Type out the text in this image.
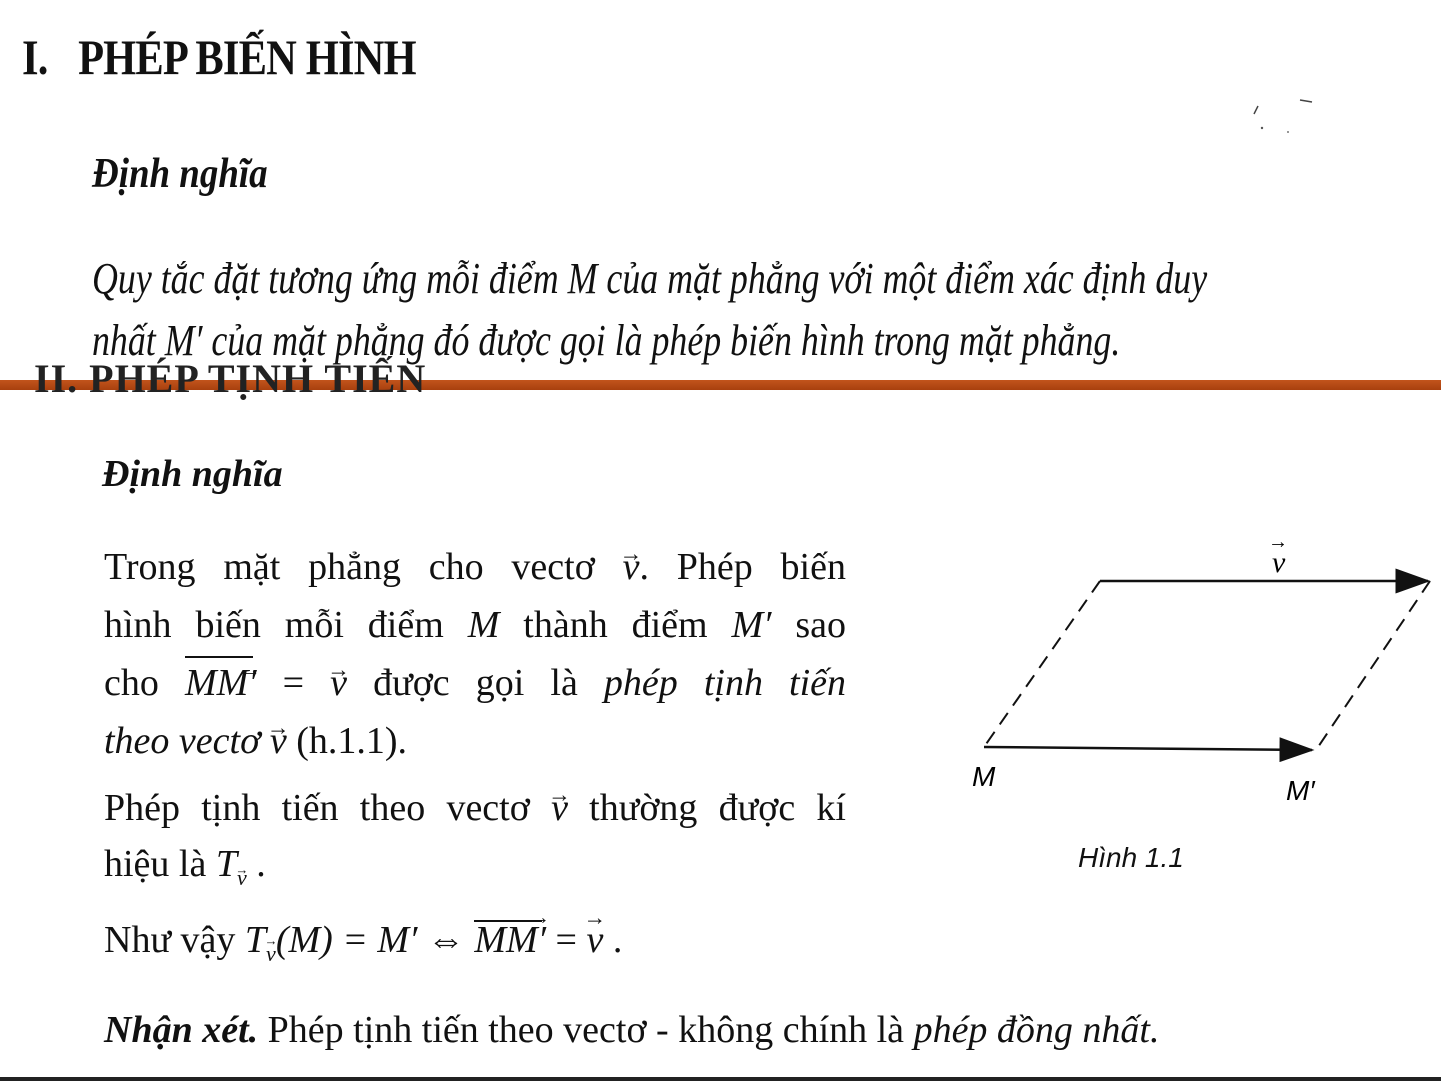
I. PHÉP BIẾN HÌNH
Định nghĩa
Quy tắc đặt tương ứng mỗi điểm M của mặt phẳng với một điểm xác định duy
nhất M′ của mặt phẳng đó được gọi là phép biến hình trong mặt phẳng.
II. PHÉP TỊNH TIẾN
Định nghĩa
Trong mặt phẳng cho vectơ → v. Phép biến
hình biến mỗi điểm M thành điểm M′ sao
cho MM′ → = → v được gọi là phép tịnh tiến
theo vectơ → v (h.1.1).
Phép tịnh tiến theo vectơ → v thường được kí
hiệu là T→ $_v$ .
Như vậy T→ $_v$(M) = M′ ⇔ MM′ → = → v .
Nhận xét. Phép tịnh tiến theo vectơ - không chính là phép đồng nhất.
v
→
M	M′
Hình 1.1
